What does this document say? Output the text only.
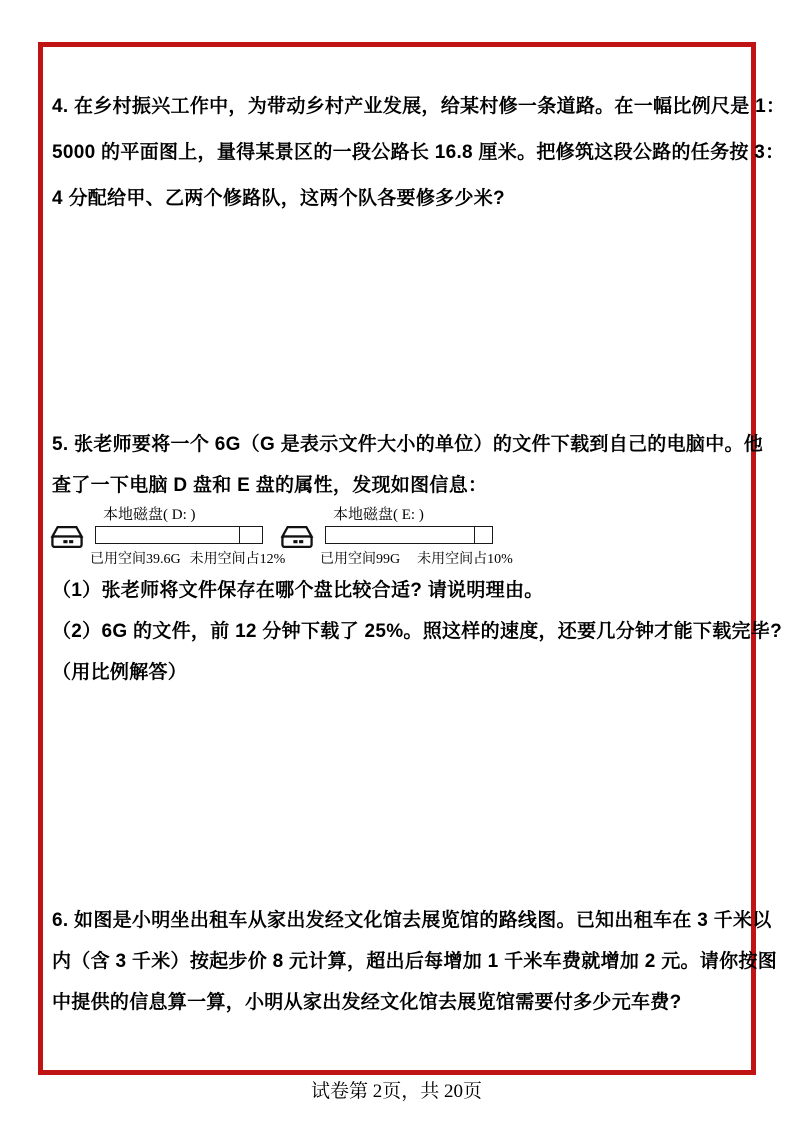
4. 在乡村振兴工作中，为带动乡村产业发展，给某村修一条道路。在一幅比例尺是 1：
5000 的平面图上，量得某景区的一段公路长 16.8 厘米。把修筑这段公路的任务按 3：
4 分配给甲、乙两个修路队，这两个队各要修多少米?
5. 张老师要将一个 6G（G 是表示文件大小的单位）的文件下载到自己的电脑中。他
查了一下电脑 D 盘和 E 盘的属性，发现如图信息：
本地磁盘( D: )
已用空间39.6G 未用空间占12%
本地磁盘( E: )
已用空间99G 未用空间占10%
（1）张老师将文件保存在哪个盘比较合适? 请说明理由。
（2）6G 的文件，前 12 分钟下载了 25%。照这样的速度，还要几分钟才能下载完毕?
（用比例解答）
6. 如图是小明坐出租车从家出发经文化馆去展览馆的路线图。已知出租车在 3 千米以
内（含 3 千米）按起步价 8 元计算，超出后每增加 1 千米车费就增加 2 元。请你按图
中提供的信息算一算，小明从家出发经文化馆去展览馆需要付多少元车费?
试卷第 2页，共 20页
